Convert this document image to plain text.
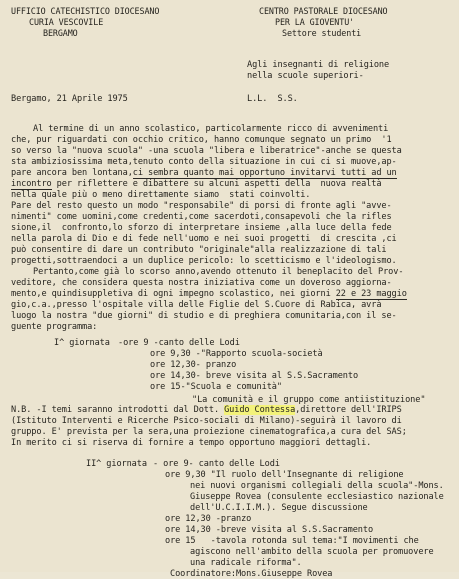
UFFICIO CATECHISTICO DIOCESANO
CURIA VESCOVILE
BERGAMO
CENTRO PASTORALE DIOCESANO
PER LA GIOVENTU'
Settore studenti
Agli insegnanti di religione
nella scuole superiori-
Bergamo, 21 Aprile 1975	L.L.  S.S.
Al termine di un anno scolastico, particolarmente ricco di avvenimenti
che, pur riguardati con occhio critico, hanno comunque segnato un primo  '1
so verso la "nuova scuola" -una scuola "libera e liberatrice"-anche se questa
sta ambiziosissima meta,tenuto conto della situazione in cui ci si muove,ap-
pare ancora ben lontana,ci sembra quanto mai opportuno invitarvi tutti ad un
incontro per riflettere e dibattere su alcuni aspetti della  nuova realtà
nella quale più o meno direttamente siamo  stati coinvolti.
Pare del resto questo un modo "responsabile" di porsi di fronte agli "avve-
nimenti" come uomini,come credenti,come sacerdoti,consapevoli che la rifles
sione,il  confronto,lo sforzo di interpretare insieme ,alla luce della fede
nella parola di Dio e di fede nell'uomo e nei suoi progetti  di crescita ,ci
può consentire di dare un contributo "originale"alla realizzazione di tali
progetti,sottraendoci a un duplice pericolo: lo scetticismo e l'ideologismo.
Pertanto,come già lo scorso anno,avendo ottenuto il beneplacito del Prov-
veditore, che considera questa nostra iniziativa come un doveroso aggiorna-
mento,e quindisuppletiva di ogni impegno scolastico, nei giorni 22 e 23 maggio
gio,c.a.,presso l'ospitale villa delle Figlie del S.Cuore di Rabica, avrà
luogo la nostra "due giorni" di studio e di preghiera comunitaria,con il se-
guente programma:
I^ giornata -ore 9 -canto delle Lodi
ore 9,30 -"Rapporto scuola-società
ore 12,30- pranzo
ore 14,30- breve visita al S.S.Sacramento
ore 15-"Scuola e comunità"
"La comunità e il gruppo come antiistituzione"
N.B. -I temi saranno introdotti dal Dott. Guido Contessa,direttore dell'IRIPS
(Istituto Interventi e Ricerche Psico-sociali di Milano)-seguirà il lavoro di
gruppo. E' prevista per la sera,una proiezione cinematografica,a cura del SAS;
In merito ci si riserva di fornire a tempo opportuno maggiori dettagli.
II^ giornata - ore 9- canto delle Lodi
ore 9,30 "Il ruolo dell'Insegnante di religione
nei nuovi organismi collegiali della scuola"-Mons.
Giuseppe Rovea (consulente ecclesiastico nazionale
dell'U.C.I.I.M.). Segue discussione
ore 12,30 -pranzo
ore 14,30 -breve visita al S.S.Sacramento
ore 15   -tavola rotonda sul tema:"I movimenti che
agiscono nell'ambito della scuola per promuovere
una radicale riforma".
Coordinatore:Mons.Giuseppe Rovea
